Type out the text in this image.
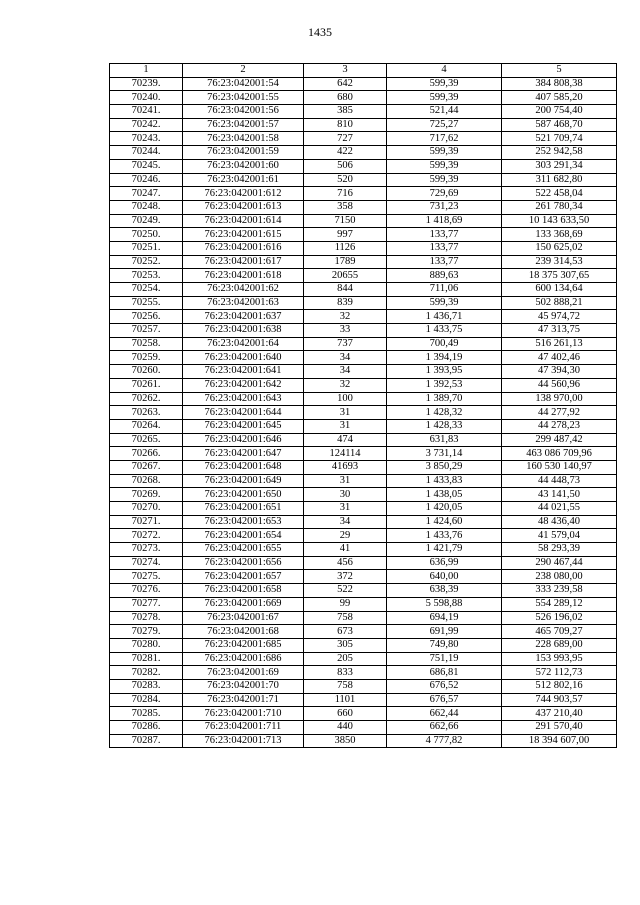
1435
1	2	3	4	5
70239.	76:23:042001:54	642	599,39	384 808,38
70240.	76:23:042001:55	680	599,39	407 585,20
70241.	76:23:042001:56	385	521,44	200 754,40
70242.	76:23:042001:57	810	725,27	587 468,70
70243.	76:23:042001:58	727	717,62	521 709,74
70244.	76:23:042001:59	422	599,39	252 942,58
70245.	76:23:042001:60	506	599,39	303 291,34
70246.	76:23:042001:61	520	599,39	311 682,80
70247.	76:23:042001:612	716	729,69	522 458,04
70248.	76:23:042001:613	358	731,23	261 780,34
70249.	76:23:042001:614	7150	1 418,69	10 143 633,50
70250.	76:23:042001:615	997	133,77	133 368,69
70251.	76:23:042001:616	1126	133,77	150 625,02
70252.	76:23:042001:617	1789	133,77	239 314,53
70253.	76:23:042001:618	20655	889,63	18 375 307,65
70254.	76:23:042001:62	844	711,06	600 134,64
70255.	76:23:042001:63	839	599,39	502 888,21
70256.	76:23:042001:637	32	1 436,71	45 974,72
70257.	76:23:042001:638	33	1 433,75	47 313,75
70258.	76:23:042001:64	737	700,49	516 261,13
70259.	76:23:042001:640	34	1 394,19	47 402,46
70260.	76:23:042001:641	34	1 393,95	47 394,30
70261.	76:23:042001:642	32	1 392,53	44 560,96
70262.	76:23:042001:643	100	1 389,70	138 970,00
70263.	76:23:042001:644	31	1 428,32	44 277,92
70264.	76:23:042001:645	31	1 428,33	44 278,23
70265.	76:23:042001:646	474	631,83	299 487,42
70266.	76:23:042001:647	124114	3 731,14	463 086 709,96
70267.	76:23:042001:648	41693	3 850,29	160 530 140,97
70268.	76:23:042001:649	31	1 433,83	44 448,73
70269.	76:23:042001:650	30	1 438,05	43 141,50
70270.	76:23:042001:651	31	1 420,05	44 021,55
70271.	76:23:042001:653	34	1 424,60	48 436,40
70272.	76:23:042001:654	29	1 433,76	41 579,04
70273.	76:23:042001:655	41	1 421,79	58 293,39
70274.	76:23:042001:656	456	636,99	290 467,44
70275.	76:23:042001:657	372	640,00	238 080,00
70276.	76:23:042001:658	522	638,39	333 239,58
70277.	76:23:042001:669	99	5 598,88	554 289,12
70278.	76:23:042001:67	758	694,19	526 196,02
70279.	76:23:042001:68	673	691,99	465 709,27
70280.	76:23:042001:685	305	749,80	228 689,00
70281.	76:23:042001:686	205	751,19	153 993,95
70282.	76:23:042001:69	833	686,81	572 112,73
70283.	76:23:042001:70	758	676,52	512 802,16
70284.	76:23:042001:71	1101	676,57	744 903,57
70285.	76:23:042001:710	660	662,44	437 210,40
70286.	76:23:042001:711	440	662,66	291 570,40
70287.	76:23:042001:713	3850	4 777,82	18 394 607,00
